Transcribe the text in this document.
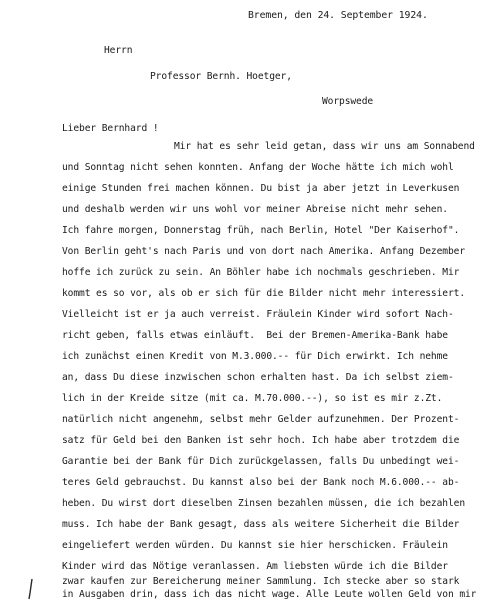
Bremen, den 24. September 1924.
Herrn
Professor Bernh. Hoetger,
Worpswede
Lieber Bernhard !
Mir hat es sehr leid getan, dass wir uns am Sonnabend
und Sonntag nicht sehen konnten. Anfang der Woche hätte ich mich wohl
einige Stunden frei machen können. Du bist ja aber jetzt in Leverkusen
und deshalb werden wir uns wohl vor meiner Abreise nicht mehr sehen.
Ich fahre morgen, Donnerstag früh, nach Berlin, Hotel "Der Kaiserhof".
Von Berlin geht's nach Paris und von dort nach Amerika. Anfang Dezember
hoffe ich zurück zu sein. An Böhler habe ich nochmals geschrieben. Mir
kommt es so vor, als ob er sich für die Bilder nicht mehr interessiert.
Vielleicht ist er ja auch verreist. Fräulein Kinder wird sofort Nach-
richt geben, falls etwas einläuft.  Bei der Bremen-Amerika-Bank habe
ich zunächst einen Kredit von M.3.000.-- für Dich erwirkt. Ich nehme
an, dass Du diese inzwischen schon erhalten hast. Da ich selbst ziem-
lich in der Kreide sitze (mit ca. M.70.000.--), so ist es mir z.Zt.
natürlich nicht angenehm, selbst mehr Gelder aufzunehmen. Der Prozent-
satz für Geld bei den Banken ist sehr hoch. Ich habe aber trotzdem die
Garantie bei der Bank für Dich zurückgelassen, falls Du unbedingt wei-
teres Geld gebrauchst. Du kannst also bei der Bank noch M.6.000.-- ab-
heben. Du wirst dort dieselben Zinsen bezahlen müssen, die ich bezahlen
muss. Ich habe der Bank gesagt, dass als weitere Sicherheit die Bilder
eingeliefert werden würden. Du kannst sie hier herschicken. Fräulein
Kinder wird das Nötige veranlassen. Am liebsten würde ich die Bilder
zwar kaufen zur Bereicherung meiner Sammlung. Ich stecke aber so stark
in Ausgaben drin, dass ich das nicht wage. Alle Leute wollen Geld von mir
